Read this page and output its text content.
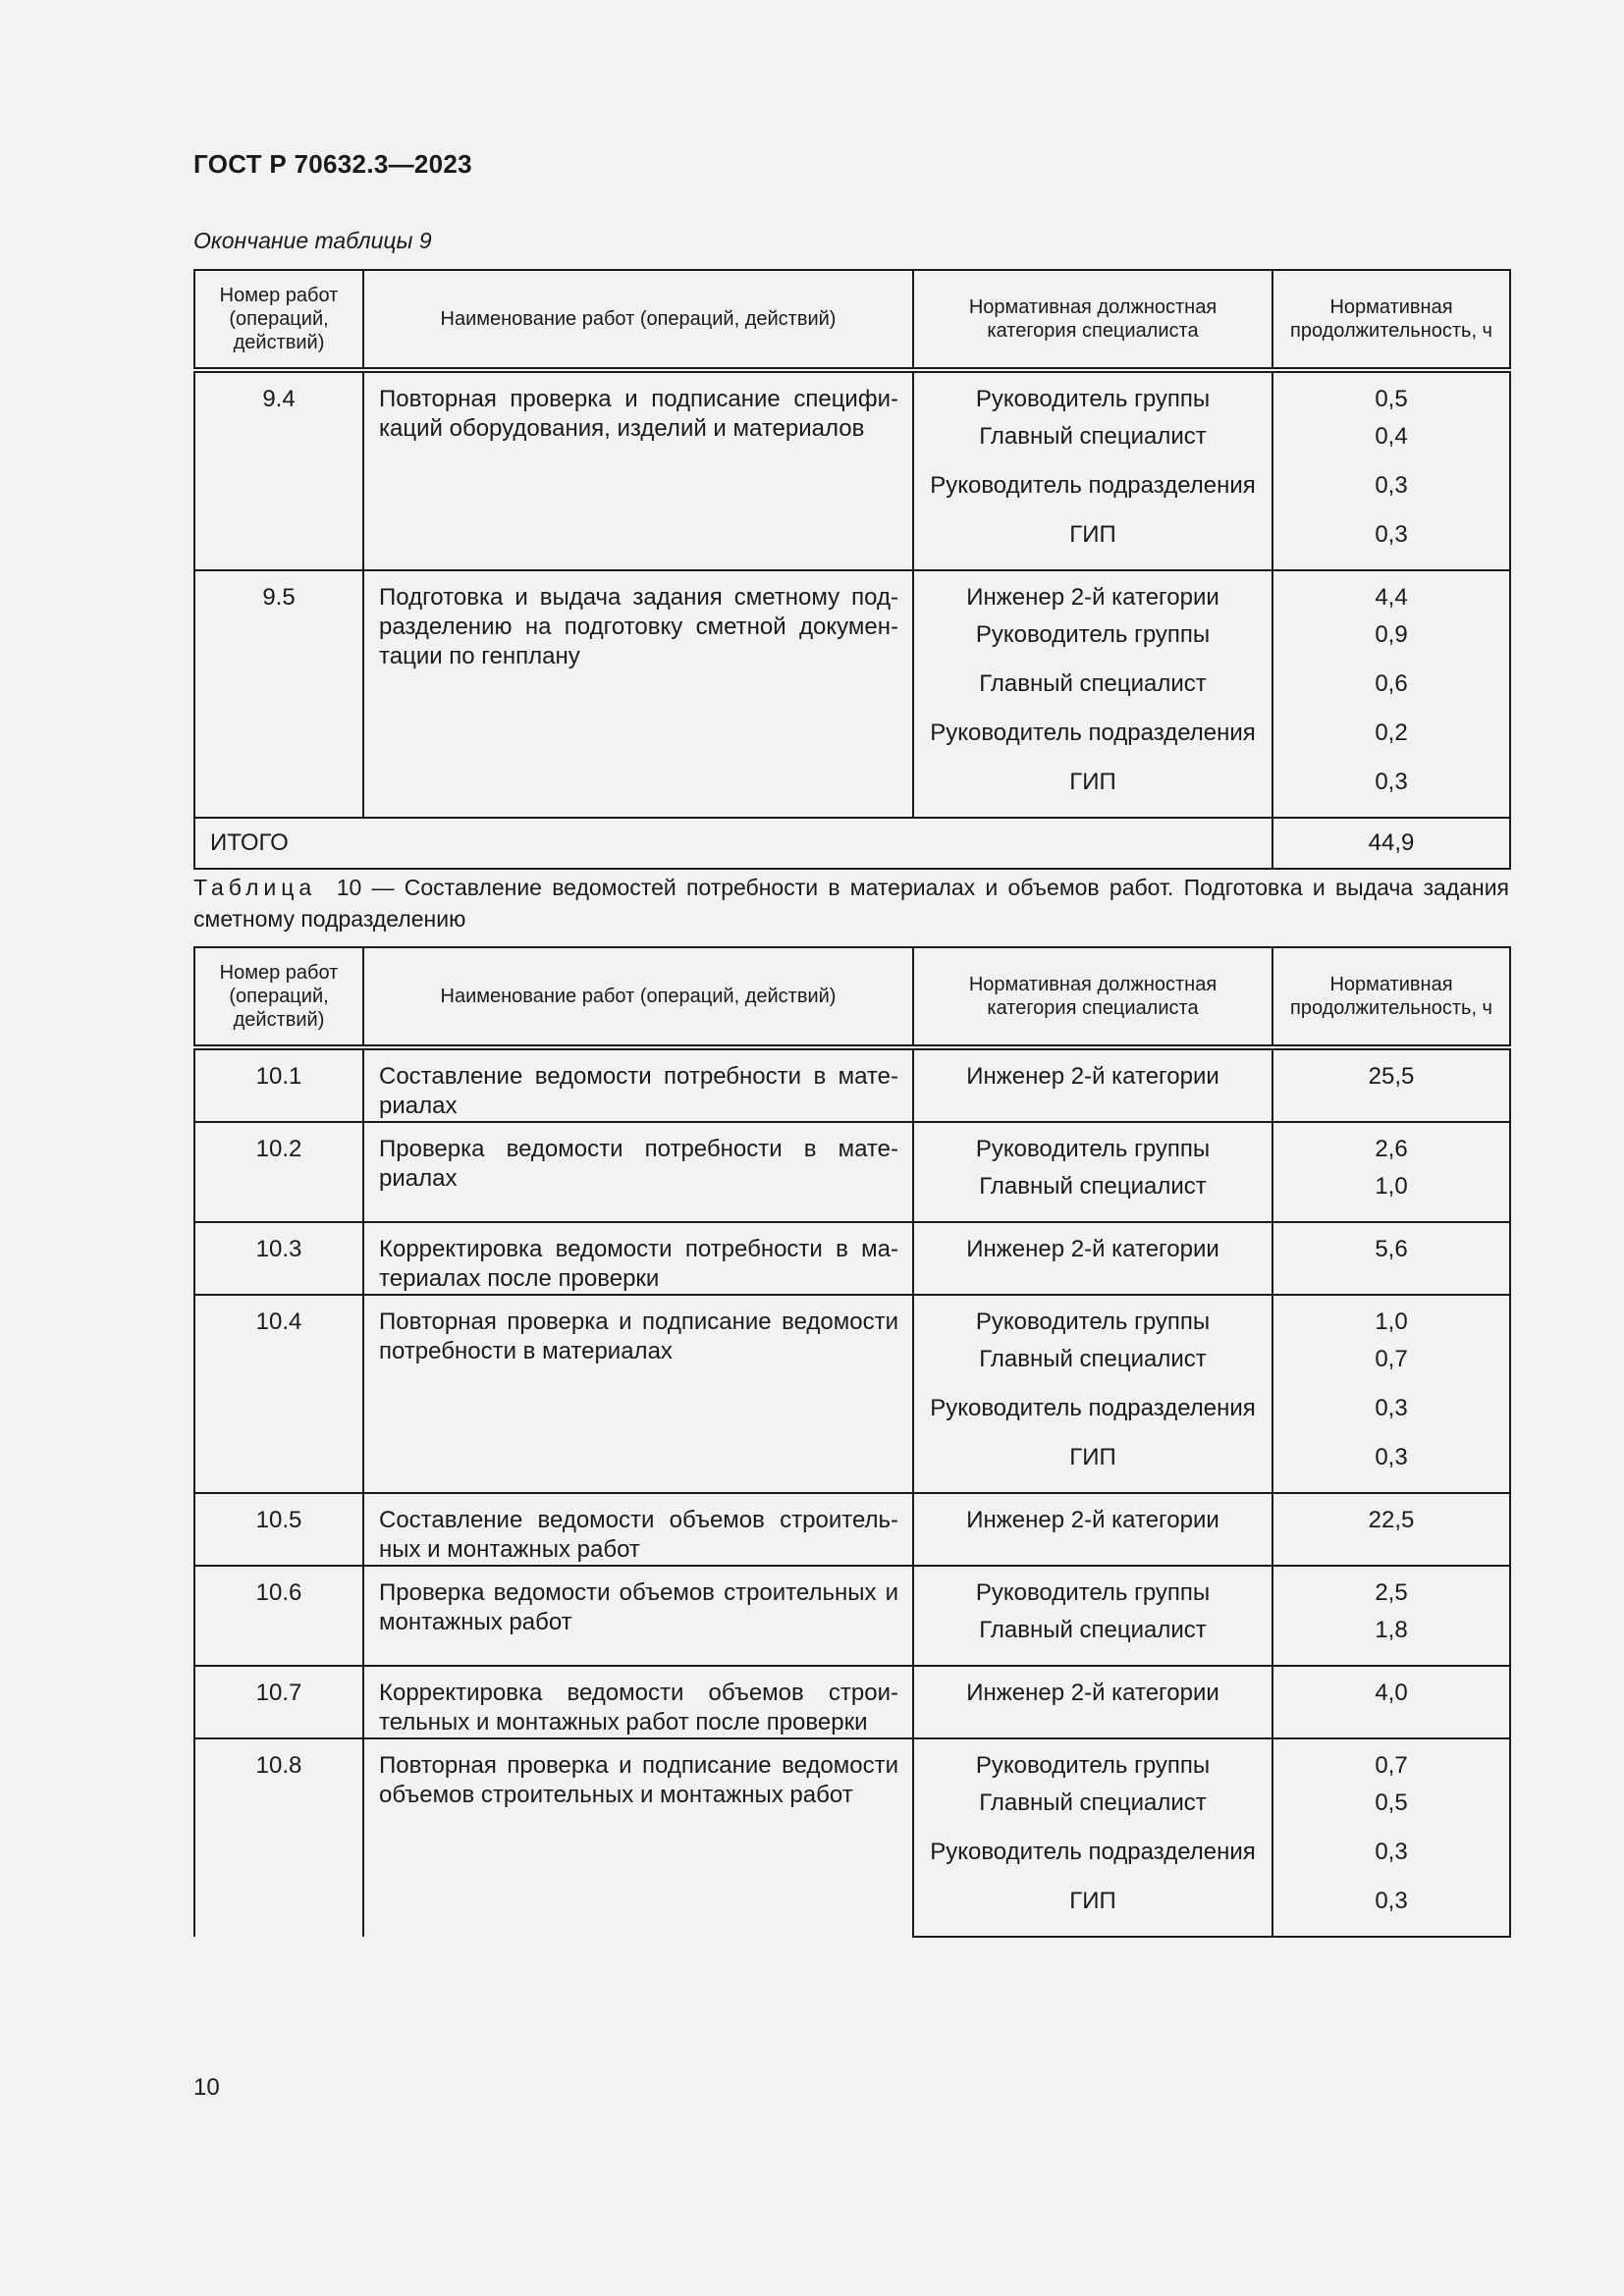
ГОСТ Р 70632.3—2023
Окончание таблицы 9
Номер работ (операций, действий)	Наименование работ (операций, действий)	Нормативная должностная категория специалиста	Нормативная продолжительность, ч
9.4	Повторная проверка и подписание спецификаций оборудования, изделий и материалов	Руководитель группы	0,5
		Главный специалист	0,4
		Руководитель подразделения	0,3
		ГИП	0,3
9.5	Подготовка и выдача задания сметному подразделению на подготовку сметной документации по генплану	Инженер 2-й категории	4,4
		Руководитель группы	0,9
		Главный специалист	0,6
		Руководитель подразделения	0,2
		ГИП	0,3
ИТОГО			44,9
Таблица 10 — Составление ведомостей потребности в материалах и объемов работ. Подготовка и выдача задания сметному подразделению
Номер работ (операций, действий)	Наименование работ (операций, действий)	Нормативная должностная категория специалиста	Нормативная продолжительность, ч
10.1	Составление ведомости потребности в материалах	Инженер 2-й категории	25,5
10.2	Проверка ведомости потребности в материалах	Руководитель группы	2,6
		Главный специалист	1,0
10.3	Корректировка ведомости потребности в материалах после проверки	Инженер 2-й категории	5,6
10.4	Повторная проверка и подписание ведомости потребности в материалах	Руководитель группы	1,0
		Главный специалист	0,7
		Руководитель подразделения	0,3
		ГИП	0,3
10.5	Составление ведомости объемов строительных и монтажных работ	Инженер 2-й категории	22,5
10.6	Проверка ведомости объемов строительных и монтажных работ	Руководитель группы	2,5
		Главный специалист	1,8
10.7	Корректировка ведомости объемов строительных и монтажных работ после проверки	Инженер 2-й категории	4,0
10.8	Повторная проверка и подписание ведомости объемов строительных и монтажных работ	Руководитель группы	0,7
		Главный специалист	0,5
		Руководитель подразделения	0,3
		ГИП	0,3
10
